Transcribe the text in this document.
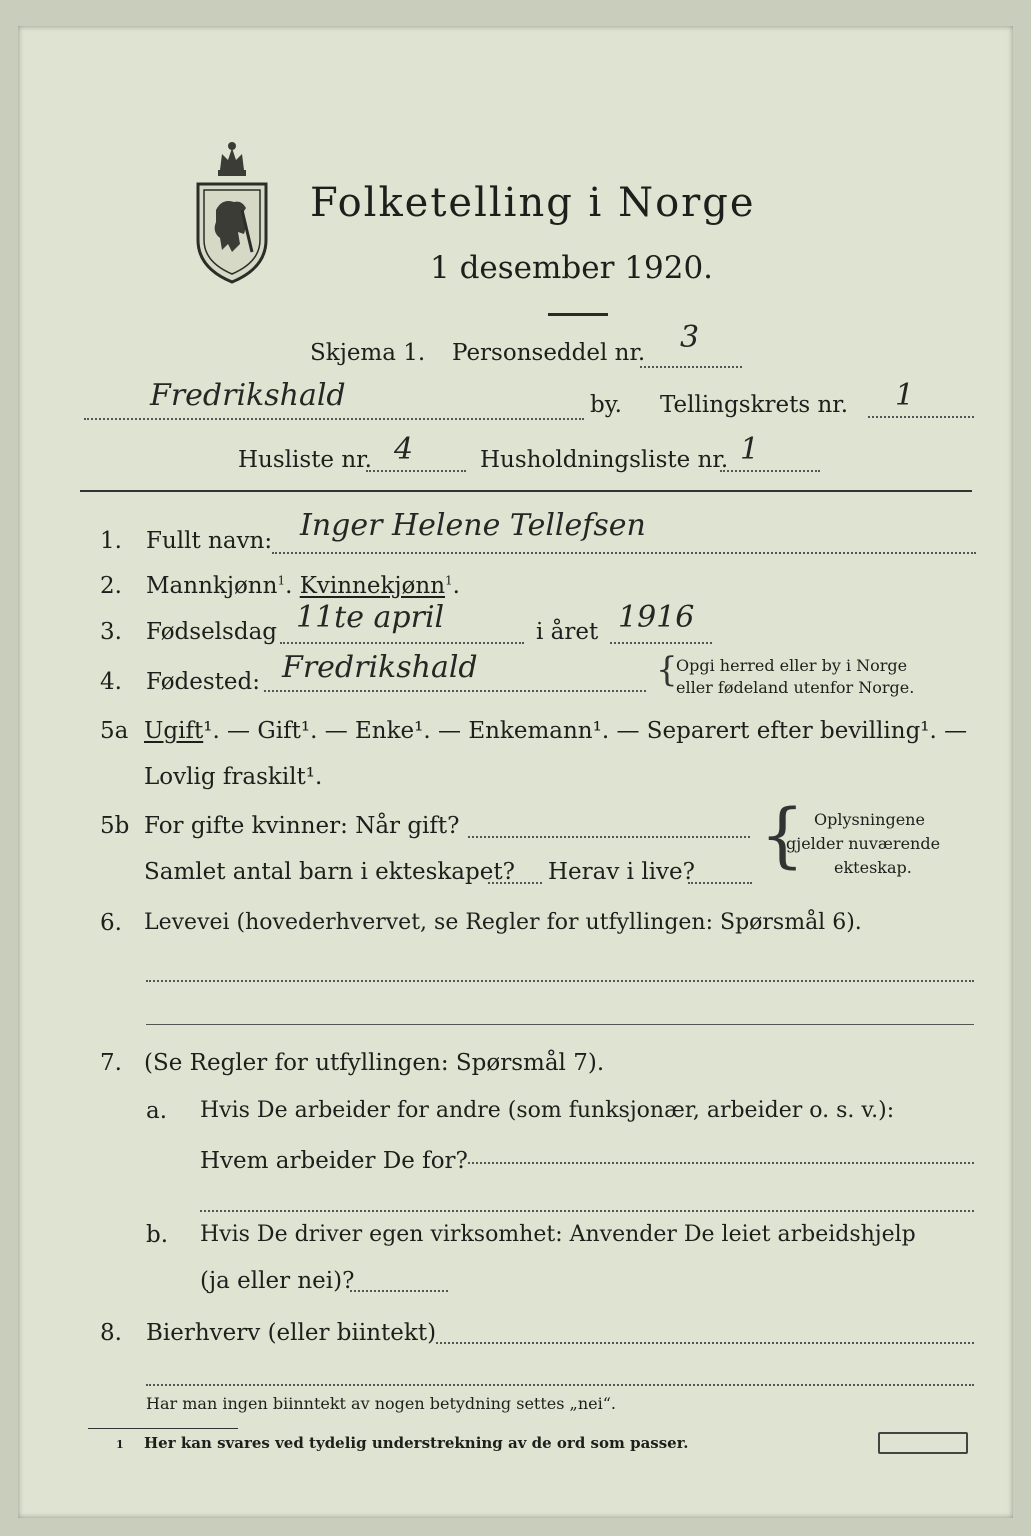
Folketelling i Norge
1 desember 1920.
Skjema 1. Personseddel nr. 3
Fredrikshald	by. Tellingskrets nr. 1
Husliste nr. 4	Husholdningsliste nr. 1
1. Fullt navn: Inger Helene Tellefsen
2. Mannkjønn$^1$. Kvinnekjønn$^1$.
3. Fødselsdag 11te april	i året 1916
4. Fødested: Fredrikshald	{
Opgi herred eller by i Norge
eller fødeland utenfor Norge.
5a Ugift¹. — Gift¹. — Enke¹. — Enkemann¹. — Separert efter bevilling¹. —
Lovlig fraskilt¹.
5b For gifte kvinner: Når gift?
Samlet antal barn i ekteskapet? Herav i live? { Oplysningene
gjelder nuværende
ekteskap.
6. Levevei (hovederhvervet, se Regler for utfyllingen: Spørsmål 6).
7. (Se Regler for utfyllingen: Spørsmål 7).
a. Hvis De arbeider for andre (som funksjonær, arbeider o. s. v.):
Hvem arbeider De for?
b. Hvis De driver egen virksomhet: Anvender De leiet arbeidshjelp
(ja eller nei)?
8. Bierhverv (eller biintekt)
Har man ingen biinntekt av nogen betydning settes „nei“.
1 Her kan svares ved tydelig understrekning av de ord som passer.
